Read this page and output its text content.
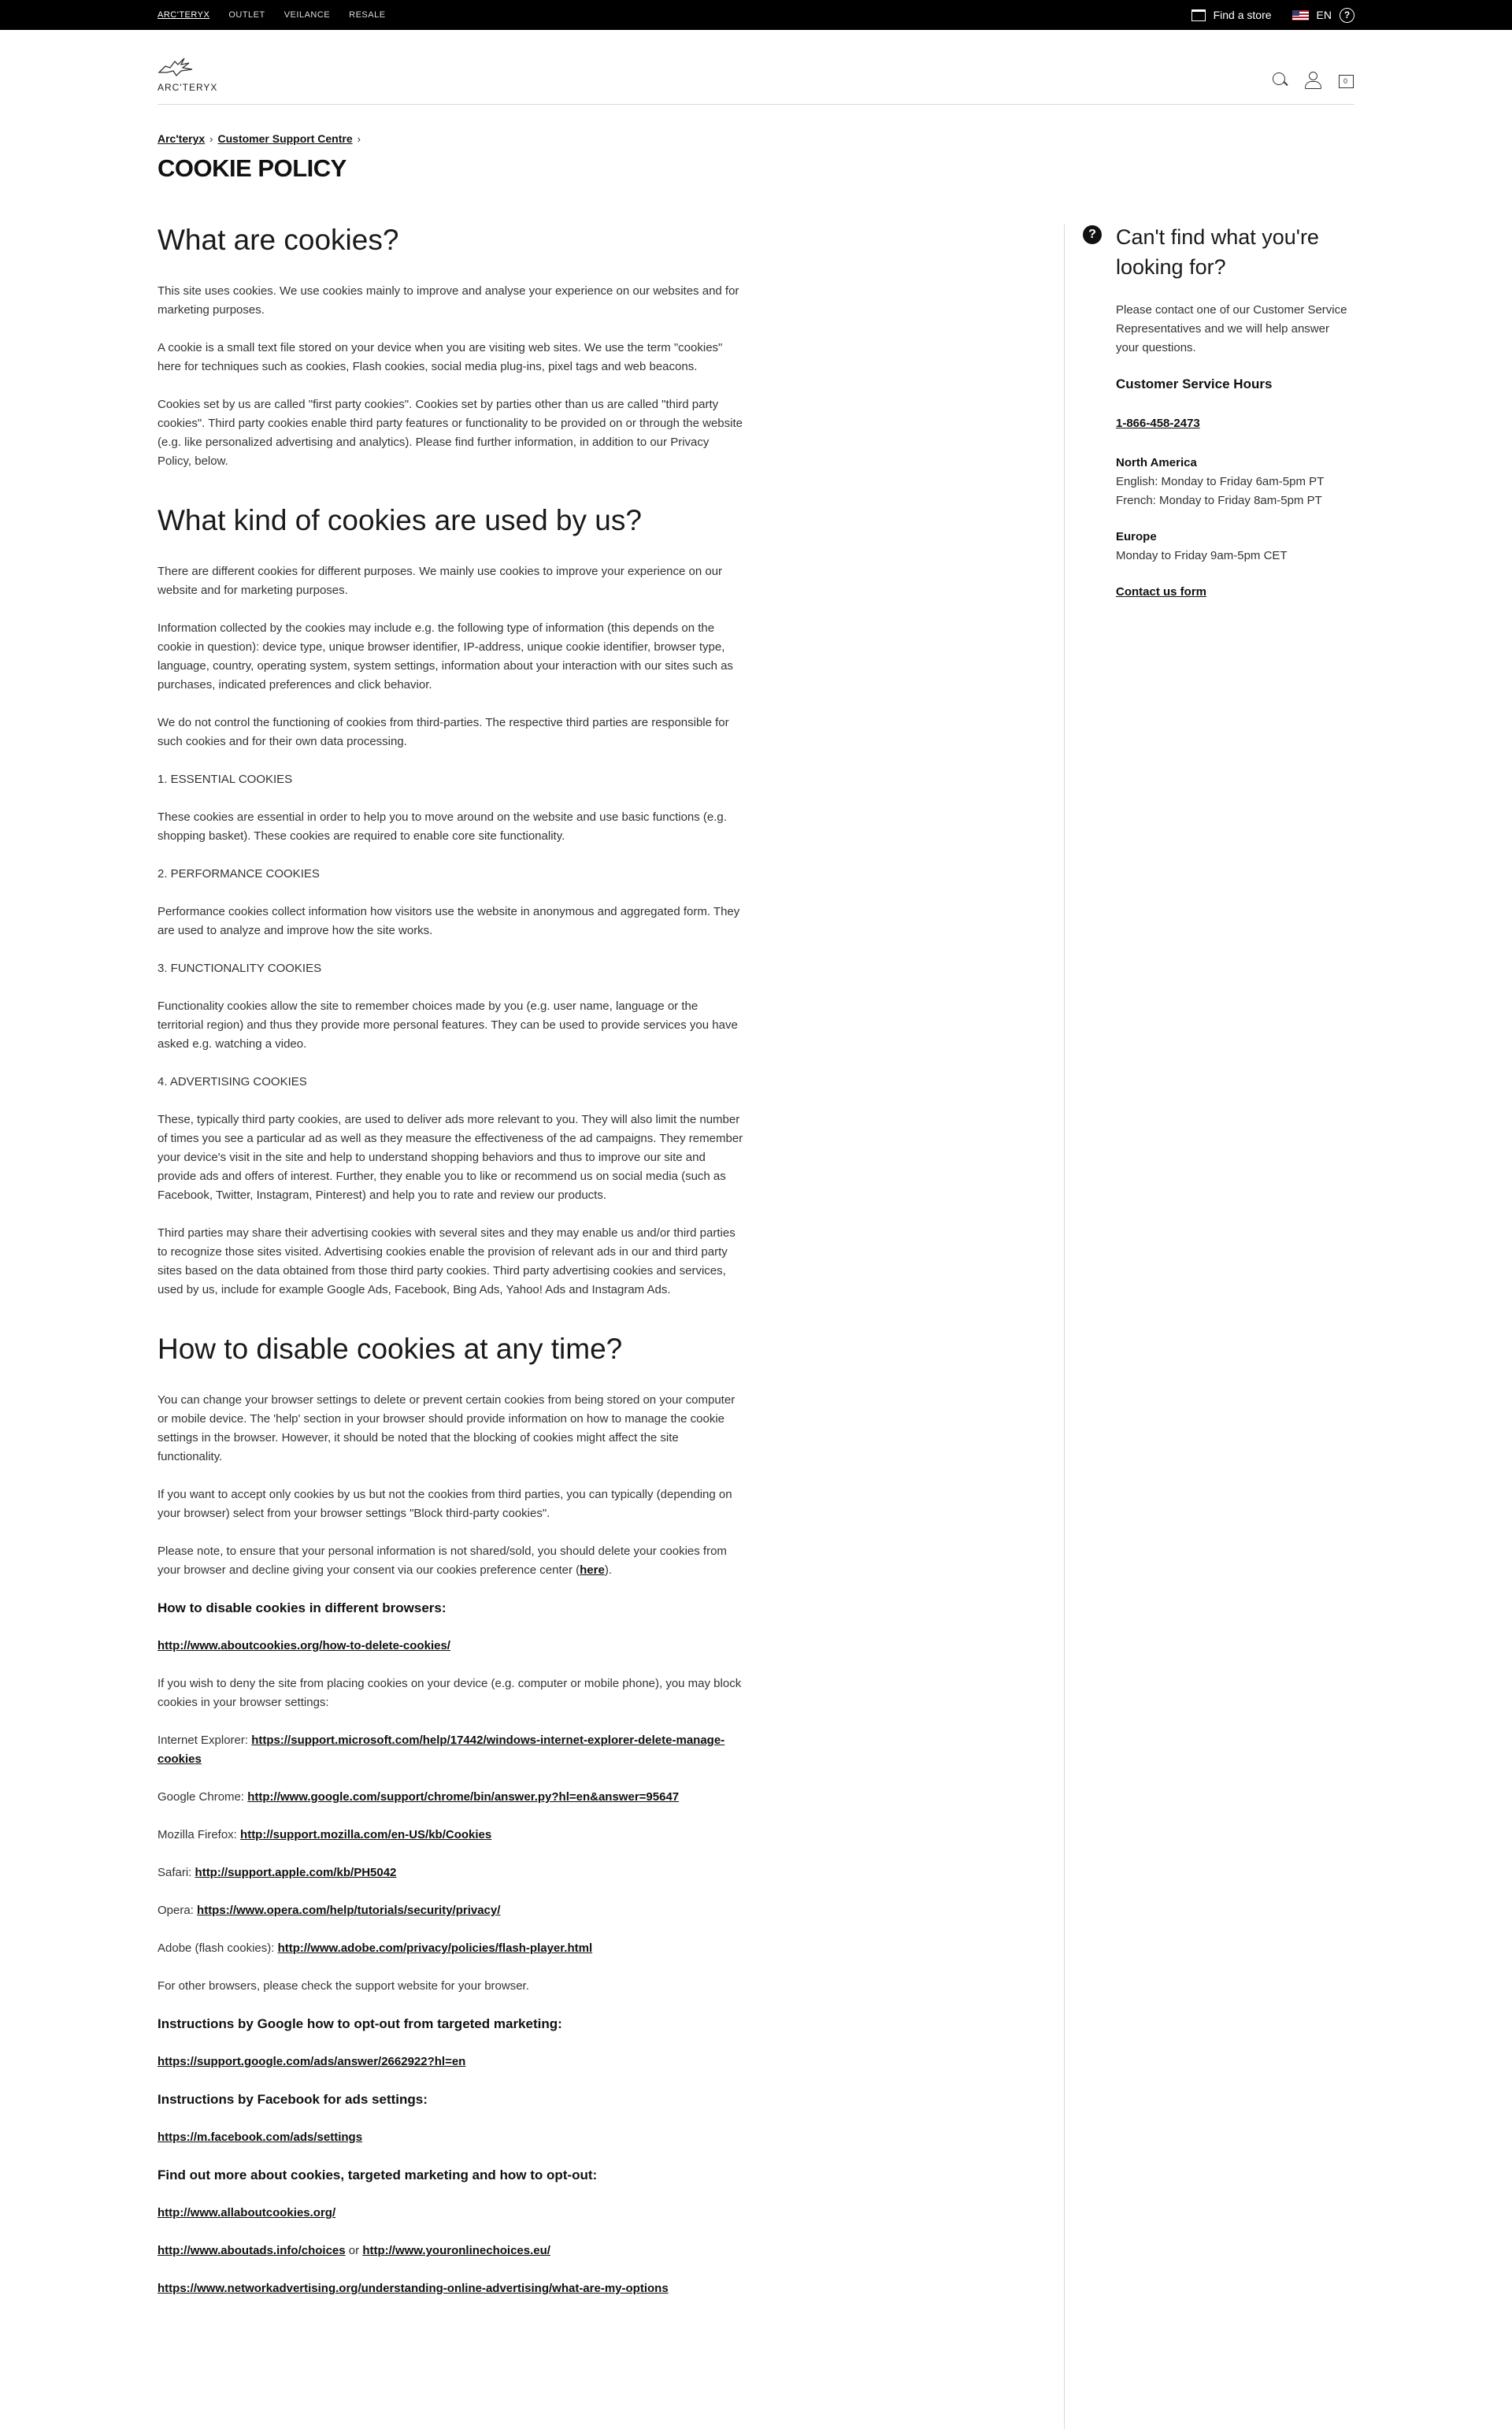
ARC'TERYX OUTLET VEILANCE RESALE	Find a store	EN	?
ARC'TERYX
0
Arc'teryx › Customer Support Centre ›
COOKIE POLICY
What are cookies?

This site uses cookies. We use cookies mainly to improve and analyse your experience on our websites and for marketing purposes.

A cookie is a small text file stored on your device when you are visiting web sites. We use the term "cookies" here for techniques such as cookies, Flash cookies, social media plug-ins, pixel tags and web beacons.

Cookies set by us are called "first party cookies". Cookies set by parties other than us are called "third party cookies". Third party cookies enable third party features or functionality to be provided on or through the website (e.g. like personalized advertising and analytics). Please find further information, in addition to our Privacy Policy, below.

What kind of cookies are used by us?

There are different cookies for different purposes. We mainly use cookies to improve your experience on our website and for marketing purposes.

Information collected by the cookies may include e.g. the following type of information (this depends on the cookie in question): device type, unique browser identifier, IP-address, unique cookie identifier, browser type, language, country, operating system, system settings, information about your interaction with our sites such as purchases, indicated preferences and click behavior.

We do not control the functioning of cookies from third-parties. The respective third parties are responsible for such cookies and for their own data processing.

1. ESSENTIAL COOKIES

These cookies are essential in order to help you to move around on the website and use basic functions (e.g. shopping basket). These cookies are required to enable core site functionality.

2. PERFORMANCE COOKIES

Performance cookies collect information how visitors use the website in anonymous and aggregated form. They are used to analyze and improve how the site works.

3. FUNCTIONALITY COOKIES

Functionality cookies allow the site to remember choices made by you (e.g. user name, language or the territorial region) and thus they provide more personal features. They can be used to provide services you have asked e.g. watching a video.

4. ADVERTISING COOKIES

These, typically third party cookies, are used to deliver ads more relevant to you. They will also limit the number of times you see a particular ad as well as they measure the effectiveness of the ad campaigns. They remember your device's visit in the site and help to understand shopping behaviors and thus to improve our site and provide ads and offers of interest. Further, they enable you to like or recommend us on social media (such as Facebook, Twitter, Instagram, Pinterest) and help you to rate and review our products.

Third parties may share their advertising cookies with several sites and they may enable us and/or third parties to recognize those sites visited. Advertising cookies enable the provision of relevant ads in our and third party sites based on the data obtained from those third party cookies. Third party advertising cookies and services, used by us, include for example Google Ads, Facebook, Bing Ads, Yahoo! Ads and Instagram Ads.

How to disable cookies at any time?

You can change your browser settings to delete or prevent certain cookies from being stored on your computer or mobile device. The 'help' section in your browser should provide information on how to manage the cookie settings in the browser. However, it should be noted that the blocking of cookies might affect the site functionality.

If you want to accept only cookies by us but not the cookies from third parties, you can typically (depending on your browser) select from your browser settings "Block third-party cookies".

Please note, to ensure that your personal information is not shared/sold, you should delete your cookies from your browser and decline giving your consent via our cookies preference center (here).

How to disable cookies in different browsers:

http://www.aboutcookies.org/how-to-delete-cookies/

If you wish to deny the site from placing cookies on your device (e.g. computer or mobile phone), you may block cookies in your browser settings:

Internet Explorer: https://support.microsoft.com/help/17442/windows-internet-explorer-delete-manage-cookies

Google Chrome: http://www.google.com/support/chrome/bin/answer.py?hl=en&answer=95647

Mozilla Firefox: http://support.mozilla.com/en-US/kb/Cookies

Safari: http://support.apple.com/kb/PH5042

Opera: https://www.opera.com/help/tutorials/security/privacy/

Adobe (flash cookies): http://www.adobe.com/privacy/policies/flash-player.html

For other browsers, please check the support website for your browser.

Instructions by Google how to opt-out from targeted marketing:

https://support.google.com/ads/answer/2662922?hl=en

Instructions by Facebook for ads settings:

https://m.facebook.com/ads/settings

Find out more about cookies, targeted marketing and how to opt-out:

http://www.allaboutcookies.org/

http://www.aboutads.info/choices or http://www.youronlinechoices.eu/

https://www.networkadvertising.org/understanding-online-advertising/what-are-my-options

? Can't find what you're looking for?

Please contact one of our Customer Service Representatives and we will help answer your questions.

Customer Service Hours
1-866-458-2473
North America
English: Monday to Friday 6am-5pm PT
French: Monday to Friday 8am-5pm PT
Europe
Monday to Friday 9am-5pm CET
Contact us form
